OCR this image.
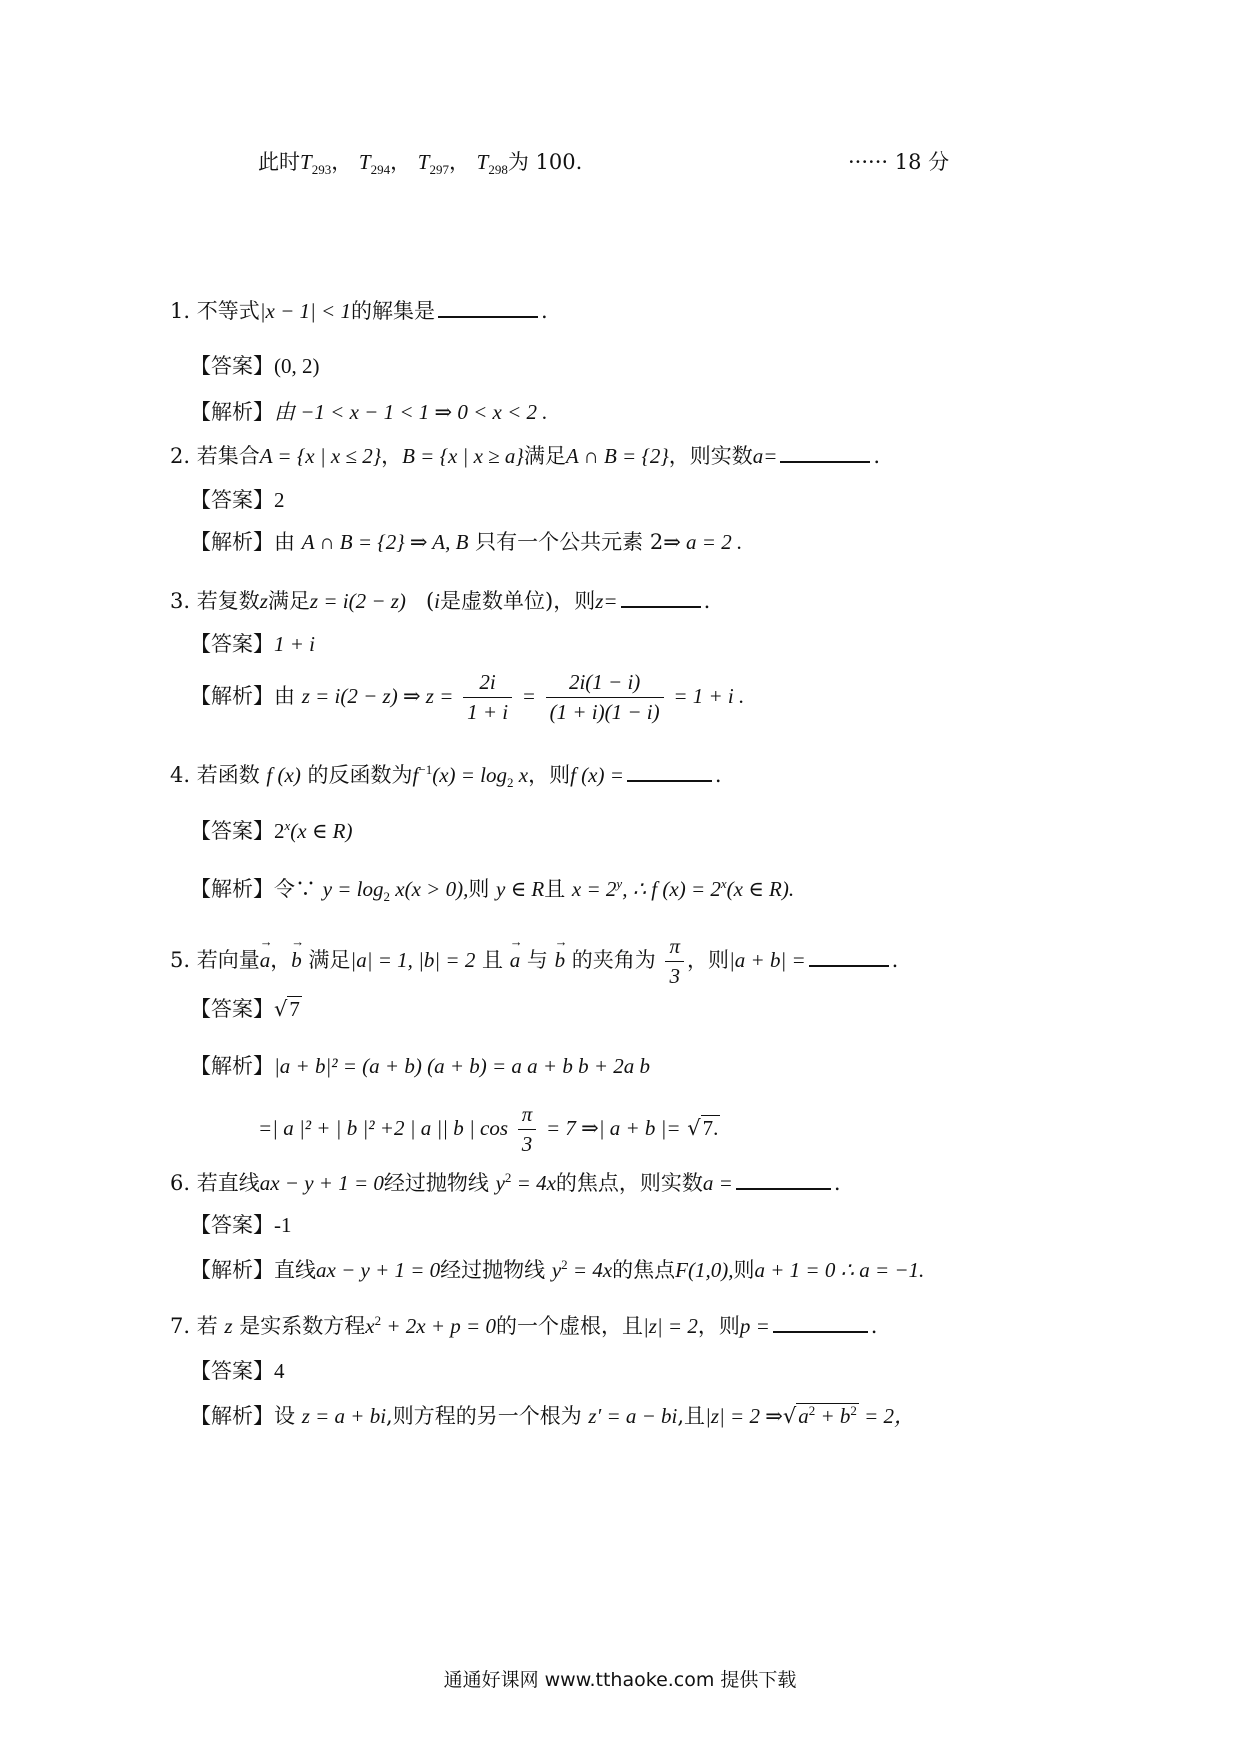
此时$T_{293}$， $T_{294}$， $T_{297}$， $T_{298}$为 100.	······ 18 分
1. 不等式|x − 1| < 1的解集是	.
【答案】(0, 2)
【解析】由 −1 < x − 1 < 1 ⇒ 0 < x < 2 .
2. 若集合A = {x | x ≤ 2}，B = {x | x ≥ a}满足A ∩ B = {2}，则实数a=	.
【答案】2
【解析】由 A ∩ B = {2} ⇒ A, B 只有一个公共元素 2⇒ a = 2 .
3. 若复数z满足z = i(2 − z) (i是虚数单位)，则z=	.
【答案】1 + i
【解析】由 z = i(2 − z) ⇒ $z = \frac{2i}{1 + i} = \frac{2i(1 - i)}{(1 + i)(1 - i)} = 1 + i$ .
4. 若函数 f (x) 的反函数为$f^{-1}(x) = \log_2 x$，则f (x) =	.
【答案】2$^x$(x ∈ R)
【解析】令∵ $y = \log_2 x(x > 0)$,则 y ∈ R且 $x = 2^y$, ∴ f $(x) = 2^x(x$ ∈ R).
5. 若向量→ a，→ b 满足|a| = 1, |b| = 2 且 → a 与 → b 的夹角为 $\frac{\pi}{3}$ ，则|a + b| =	.
【答案】√7
【解析】|a + b|² = (a + b) (a + b) = a a + b b + 2a b
=| a |² + | b |² +2 | a || b | $\cos \frac{\pi}{3} = 7$ ⇒| a + b |= √7.
6. 若直线ax − y + 1 = 0经过抛物线 $y^2 = 4x$的焦点，则实数a =	.
【答案】-1
【解析】直线ax − y + 1 = 0经过抛物线 $y^2 = 4x$的焦点F(1,0),则a + 1 = 0 ∴ a = −1.
7. 若 z 是实系数方程$x^2 + 2x + p = 0$的一个虚根，且|z| = 2，则p =	.
【答案】4
【解析】设 z = a + bi,则方程的另一个根为 z′ = a − bi,且|z| = 2 $\Rightarrow√a^2 + b^2 = 2$，
通通好课网 www.tthaoke.com 提供下载
